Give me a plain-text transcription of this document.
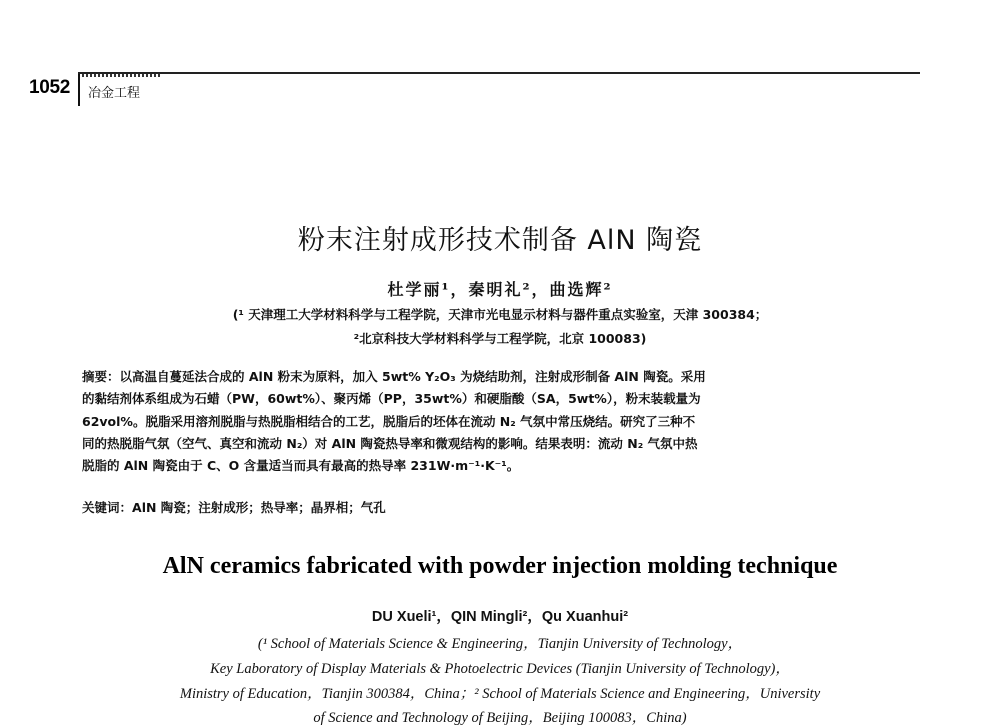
1052 冶金工程
粉末注射成形技术制备 AlN 陶瓷
杜学丽¹，秦明礼²，曲选辉²
(¹ 天津理工大学材料科学与工程学院，天津市光电显示材料与器件重点实验室，天津 300384；
²北京科技大学材料科学与工程学院，北京 100083)
摘要：以高温自蔓延法合成的 AlN 粉末为原料，加入 5wt% Y₂O₃ 为烧结助剂，注射成形制备 AlN 陶瓷。采用
的黏结剂体系组成为石蜡（PW，60wt%）、聚丙烯（PP，35wt%）和硬脂酸（SA，5wt%），粉末装载量为
62vol%。脱脂采用溶剂脱脂与热脱脂相结合的工艺，脱脂后的坯体在流动 N₂ 气氛中常压烧结。研究了三种不
同的热脱脂气氛（空气、真空和流动 N₂）对 AlN 陶瓷热导率和微观结构的影响。结果表明：流动 N₂ 气氛中热
脱脂的 AlN 陶瓷由于 C、O 含量适当而具有最高的热导率 231W·m⁻¹·K⁻¹。
关键词：AlN 陶瓷；注射成形；热导率；晶界相；气孔
AlN ceramics fabricated with powder injection molding technique
DU Xueli¹，QIN Mingli²，Qu Xuanhui²
(¹ School of Materials Science & Engineering，Tianjin University of Technology，
Key Laboratory of Display Materials & Photoelectric Devices (Tianjin University of Technology)，
Ministry of Education，Tianjin 300384，China；² School of Materials Science and Engineering，University
of Science and Technology of Beijing，Beijing 100083，China)
